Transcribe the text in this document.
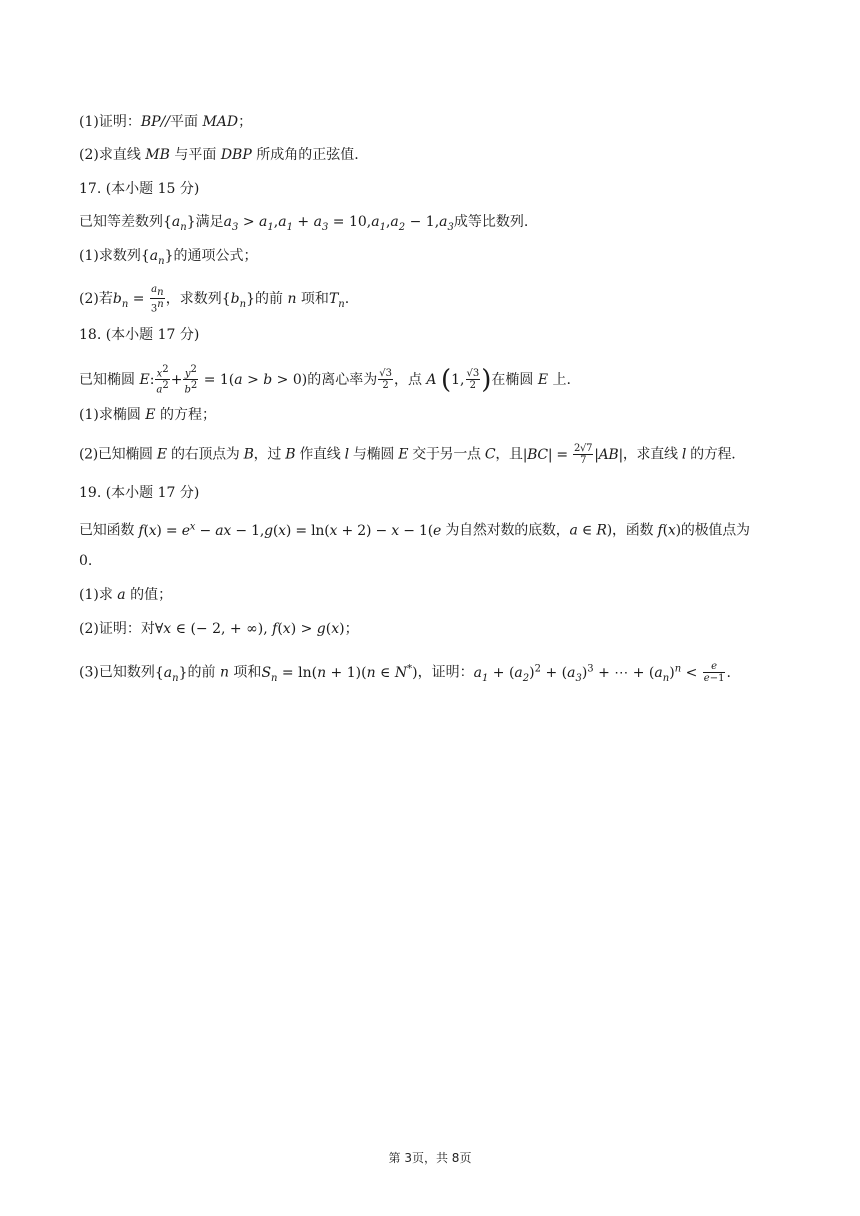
(1)证明：BP//平面 MAD；
(2)求直线 MB 与平面 DBP 所成角的正弦值.
17. (本小题 15 分)
已知等差数列$\{a_n\}$满足$a_3 > a_1,a_1 + a_3 = 10,a_1,a_2 - 1,a_3$成等比数列.
(1)求数列$\{a_n\}$的通项公式；
(2)若$b_n = \frac{a_n}{3^n}$ ，求数列$\{b_n\}$的前 n 项和$T_n$.
18. (本小题 17 分)
已知椭圆 E: $\frac{x^2}{a^2} + \frac{y^2}{b^2} = 1(a > b > 0)$的离心率为 $\frac{√3}{2}$ ，点 A (1, $\frac{√3}{2}$ )在椭圆 E 上.
(1)求椭圆 E 的方程；
(2)已知椭圆 E 的右顶点为 B，过 B 作直线 l 与椭圆 E 交于另一点 C，且$|BC| = \frac{2√7}{7} |AB|$，求直线 l 的方程.
19. (本小题 17 分)
已知函数 $f(x) = e^x$ − ax − 1,g(x) = ln(x + 2) − x − 1(e 为自然对数的底数，a ∈ R)，函数 f(x)的极值点为
0.
(1)求 a 的值；
(2)证明：对∀x ∈ (− 2, + ∞), f(x) > g(x)；
(3)已知数列$\{a_n\}$的前 n 项和$S_n = \ln(n + 1)(n$ ∈ N*)，证明：$a_1 + (a_2)^2 + (a_3)^3$ + ⋯ + $(a_n)^n < \frac{e}{e-1}$ .
第 3页，共 8页
